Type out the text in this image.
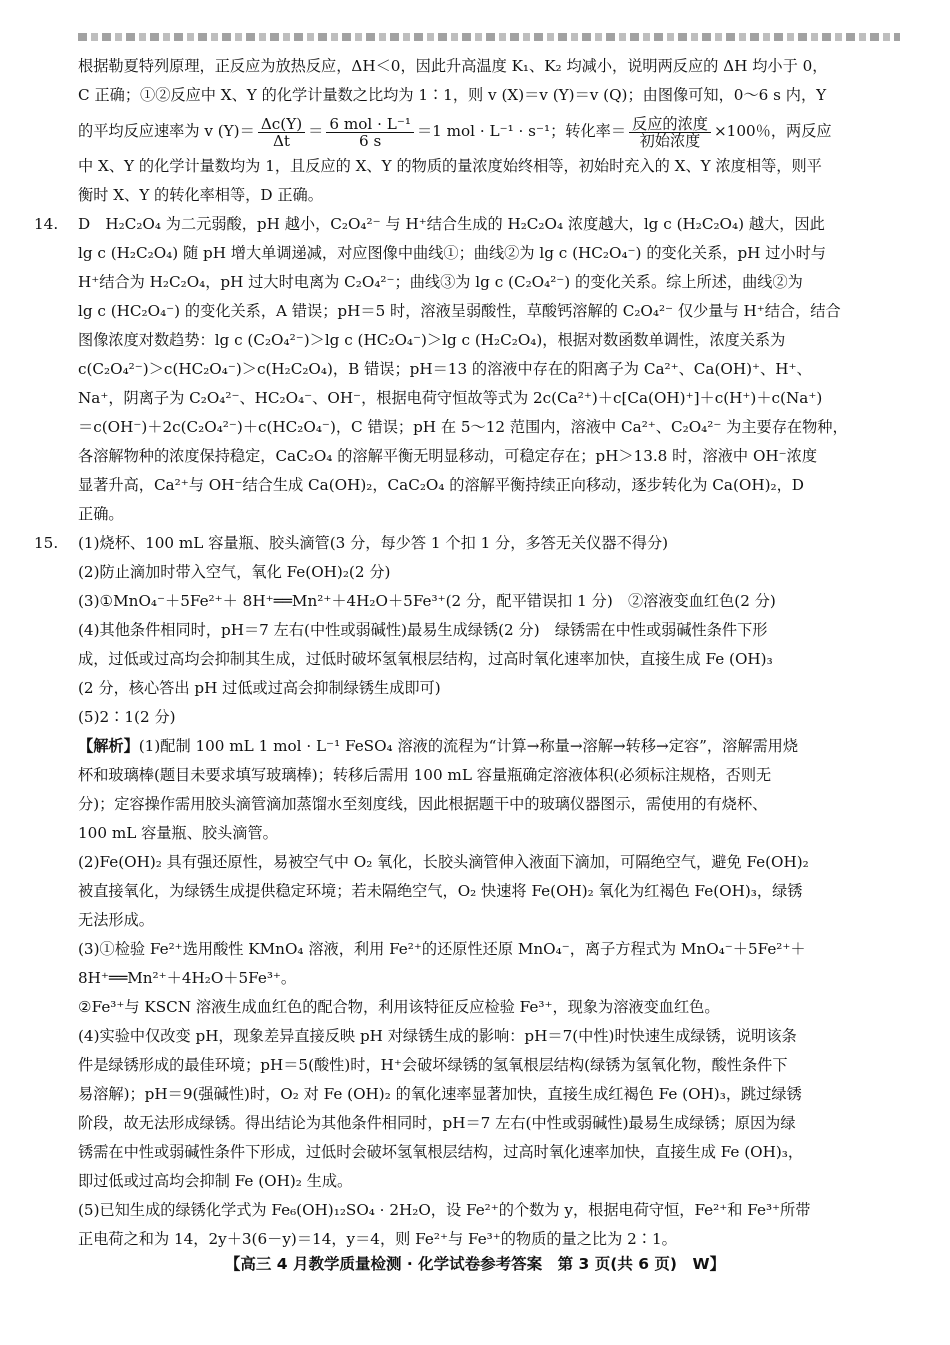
根据勒夏特列原理，正反应为放热反应，ΔH＜0，因此升高温度 K₁、K₂ 均减小，说明两反应的 ΔH 均小于 0，
C 正确；①②反应中 X、Y 的化学计量数之比均为 1∶1，则 v (X)＝v (Y)＝v (Q)；由图像可知，0～6 s 内，Y
的平均反应速率为 v $(Y)= \frac{\Delta c(Y)}{\Delta t} = \frac{\text{6 mol · L⁻¹}}{6 s} =1$ mol · L⁻¹ · s⁻¹；转化率＝ $\frac{\text{反应的浓度}}{\text{初始浓度}} \times 100$％，两反应
中 X、Y 的化学计量数均为 1，且反应的 X、Y 的物质的量浓度始终相等，初始时充入的 X、Y 浓度相等，则平
衡时 X、Y 的转化率相等，D 正确。
14. D　H₂C₂O₄ 为二元弱酸，pH 越小，C₂O₄²⁻ 与 H⁺结合生成的 H₂C₂O₄ 浓度越大，lg c (H₂C₂O₄) 越大，因此
lg c (H₂C₂O₄) 随 pH 增大单调递减，对应图像中曲线①；曲线②为 lg c (HC₂O₄⁻) 的变化关系，pH 过小时与
H⁺结合为 H₂C₂O₄，pH 过大时电离为 C₂O₄²⁻；曲线③为 lg c (C₂O₄²⁻) 的变化关系。综上所述，曲线②为
lg c (HC₂O₄⁻) 的变化关系，A 错误；pH＝5 时，溶液呈弱酸性，草酸钙溶解的 C₂O₄²⁻ 仅少量与 H⁺结合，结合
图像浓度对数趋势：lg c (C₂O₄²⁻)＞lg c (HC₂O₄⁻)＞lg c (H₂C₂O₄)，根据对数函数单调性，浓度关系为
c(C₂O₄²⁻)＞c(HC₂O₄⁻)＞c(H₂C₂O₄)，B 错误；pH＝13 的溶液中存在的阳离子为 Ca²⁺、Ca(OH)⁺、H⁺、
Na⁺，阴离子为 C₂O₄²⁻、HC₂O₄⁻、OH⁻，根据电荷守恒故等式为 2c(Ca²⁺)＋c[Ca(OH)⁺]＋c(H⁺)＋c(Na⁺)
＝c(OH⁻)＋2c(C₂O₄²⁻)＋c(HC₂O₄⁻)，C 错误；pH 在 5～12 范围内，溶液中 Ca²⁺、C₂O₄²⁻ 为主要存在物种，
各溶解物种的浓度保持稳定，CaC₂O₄ 的溶解平衡无明显移动，可稳定存在；pH＞13.8 时，溶液中 OH⁻浓度
显著升高，Ca²⁺与 OH⁻结合生成 Ca(OH)₂，CaC₂O₄ 的溶解平衡持续正向移动，逐步转化为 Ca(OH)₂，D
正确。
15. (1)烧杯、100 mL 容量瓶、胶头滴管(3 分，每少答 1 个扣 1 分，多答无关仪器不得分)
(2)防止滴加时带入空气，氧化 Fe(OH)₂(2 分)
(3)①MnO₄⁻＋5Fe²⁺＋ 8H⁺══Mn²⁺＋4H₂O＋5Fe³⁺(2 分，配平错误扣 1 分)　②溶液变血红色(2 分)
(4)其他条件相同时，pH＝7 左右(中性或弱碱性)最易生成绿锈(2 分)　绿锈需在中性或弱碱性条件下形
成，过低或过高均会抑制其生成，过低时破坏氢氧根层结构，过高时氧化速率加快，直接生成 Fe (OH)₃
(2 分，核心答出 pH 过低或过高会抑制绿锈生成即可)
(5)2∶1(2 分)
【解析】(1)配制 100 mL 1 mol · L⁻¹ FeSO₄ 溶液的流程为“计算→称量→溶解→转移→定容”，溶解需用烧
杯和玻璃棒(题目未要求填写玻璃棒)；转移后需用 100 mL 容量瓶确定溶液体积(必须标注规格，否则无
分)；定容操作需用胶头滴管滴加蒸馏水至刻度线，因此根据题干中的玻璃仪器图示，需使用的有烧杯、
100 mL 容量瓶、胶头滴管。
(2)Fe(OH)₂ 具有强还原性，易被空气中 O₂ 氧化，长胶头滴管伸入液面下滴加，可隔绝空气，避免 Fe(OH)₂
被直接氧化，为绿锈生成提供稳定环境；若未隔绝空气，O₂ 快速将 Fe(OH)₂ 氧化为红褐色 Fe(OH)₃，绿锈
无法形成。
(3)①检验 Fe²⁺选用酸性 KMnO₄ 溶液，利用 Fe²⁺的还原性还原 MnO₄⁻，离子方程式为 MnO₄⁻＋5Fe²⁺＋
8H⁺══Mn²⁺＋4H₂O＋5Fe³⁺。
②Fe³⁺与 KSCN 溶液生成血红色的配合物，利用该特征反应检验 Fe³⁺，现象为溶液变血红色。
(4)实验中仅改变 pH，现象差异直接反映 pH 对绿锈生成的影响：pH＝7(中性)时快速生成绿锈，说明该条
件是绿锈形成的最佳环境；pH＝5(酸性)时，H⁺会破坏绿锈的氢氧根层结构(绿锈为氢氧化物，酸性条件下
易溶解)；pH＝9(强碱性)时，O₂ 对 Fe (OH)₂ 的氧化速率显著加快，直接生成红褐色 Fe (OH)₃，跳过绿锈
阶段，故无法形成绿锈。得出结论为其他条件相同时，pH＝7 左右(中性或弱碱性)最易生成绿锈；原因为绿
锈需在中性或弱碱性条件下形成，过低时会破坏氢氧根层结构，过高时氧化速率加快，直接生成 Fe (OH)₃，
即过低或过高均会抑制 Fe (OH)₂ 生成。
(5)已知生成的绿锈化学式为 Fe₆(OH)₁₂SO₄ · 2H₂O，设 Fe²⁺的个数为 y，根据电荷守恒，Fe²⁺和 Fe³⁺所带
正电荷之和为 14，2y＋3(6－y)＝14，y＝4，则 Fe²⁺与 Fe³⁺的物质的量之比为 2∶1。
【高三 4 月教学质量检测 · 化学试卷参考答案　第 3 页(共 6 页)　W】
